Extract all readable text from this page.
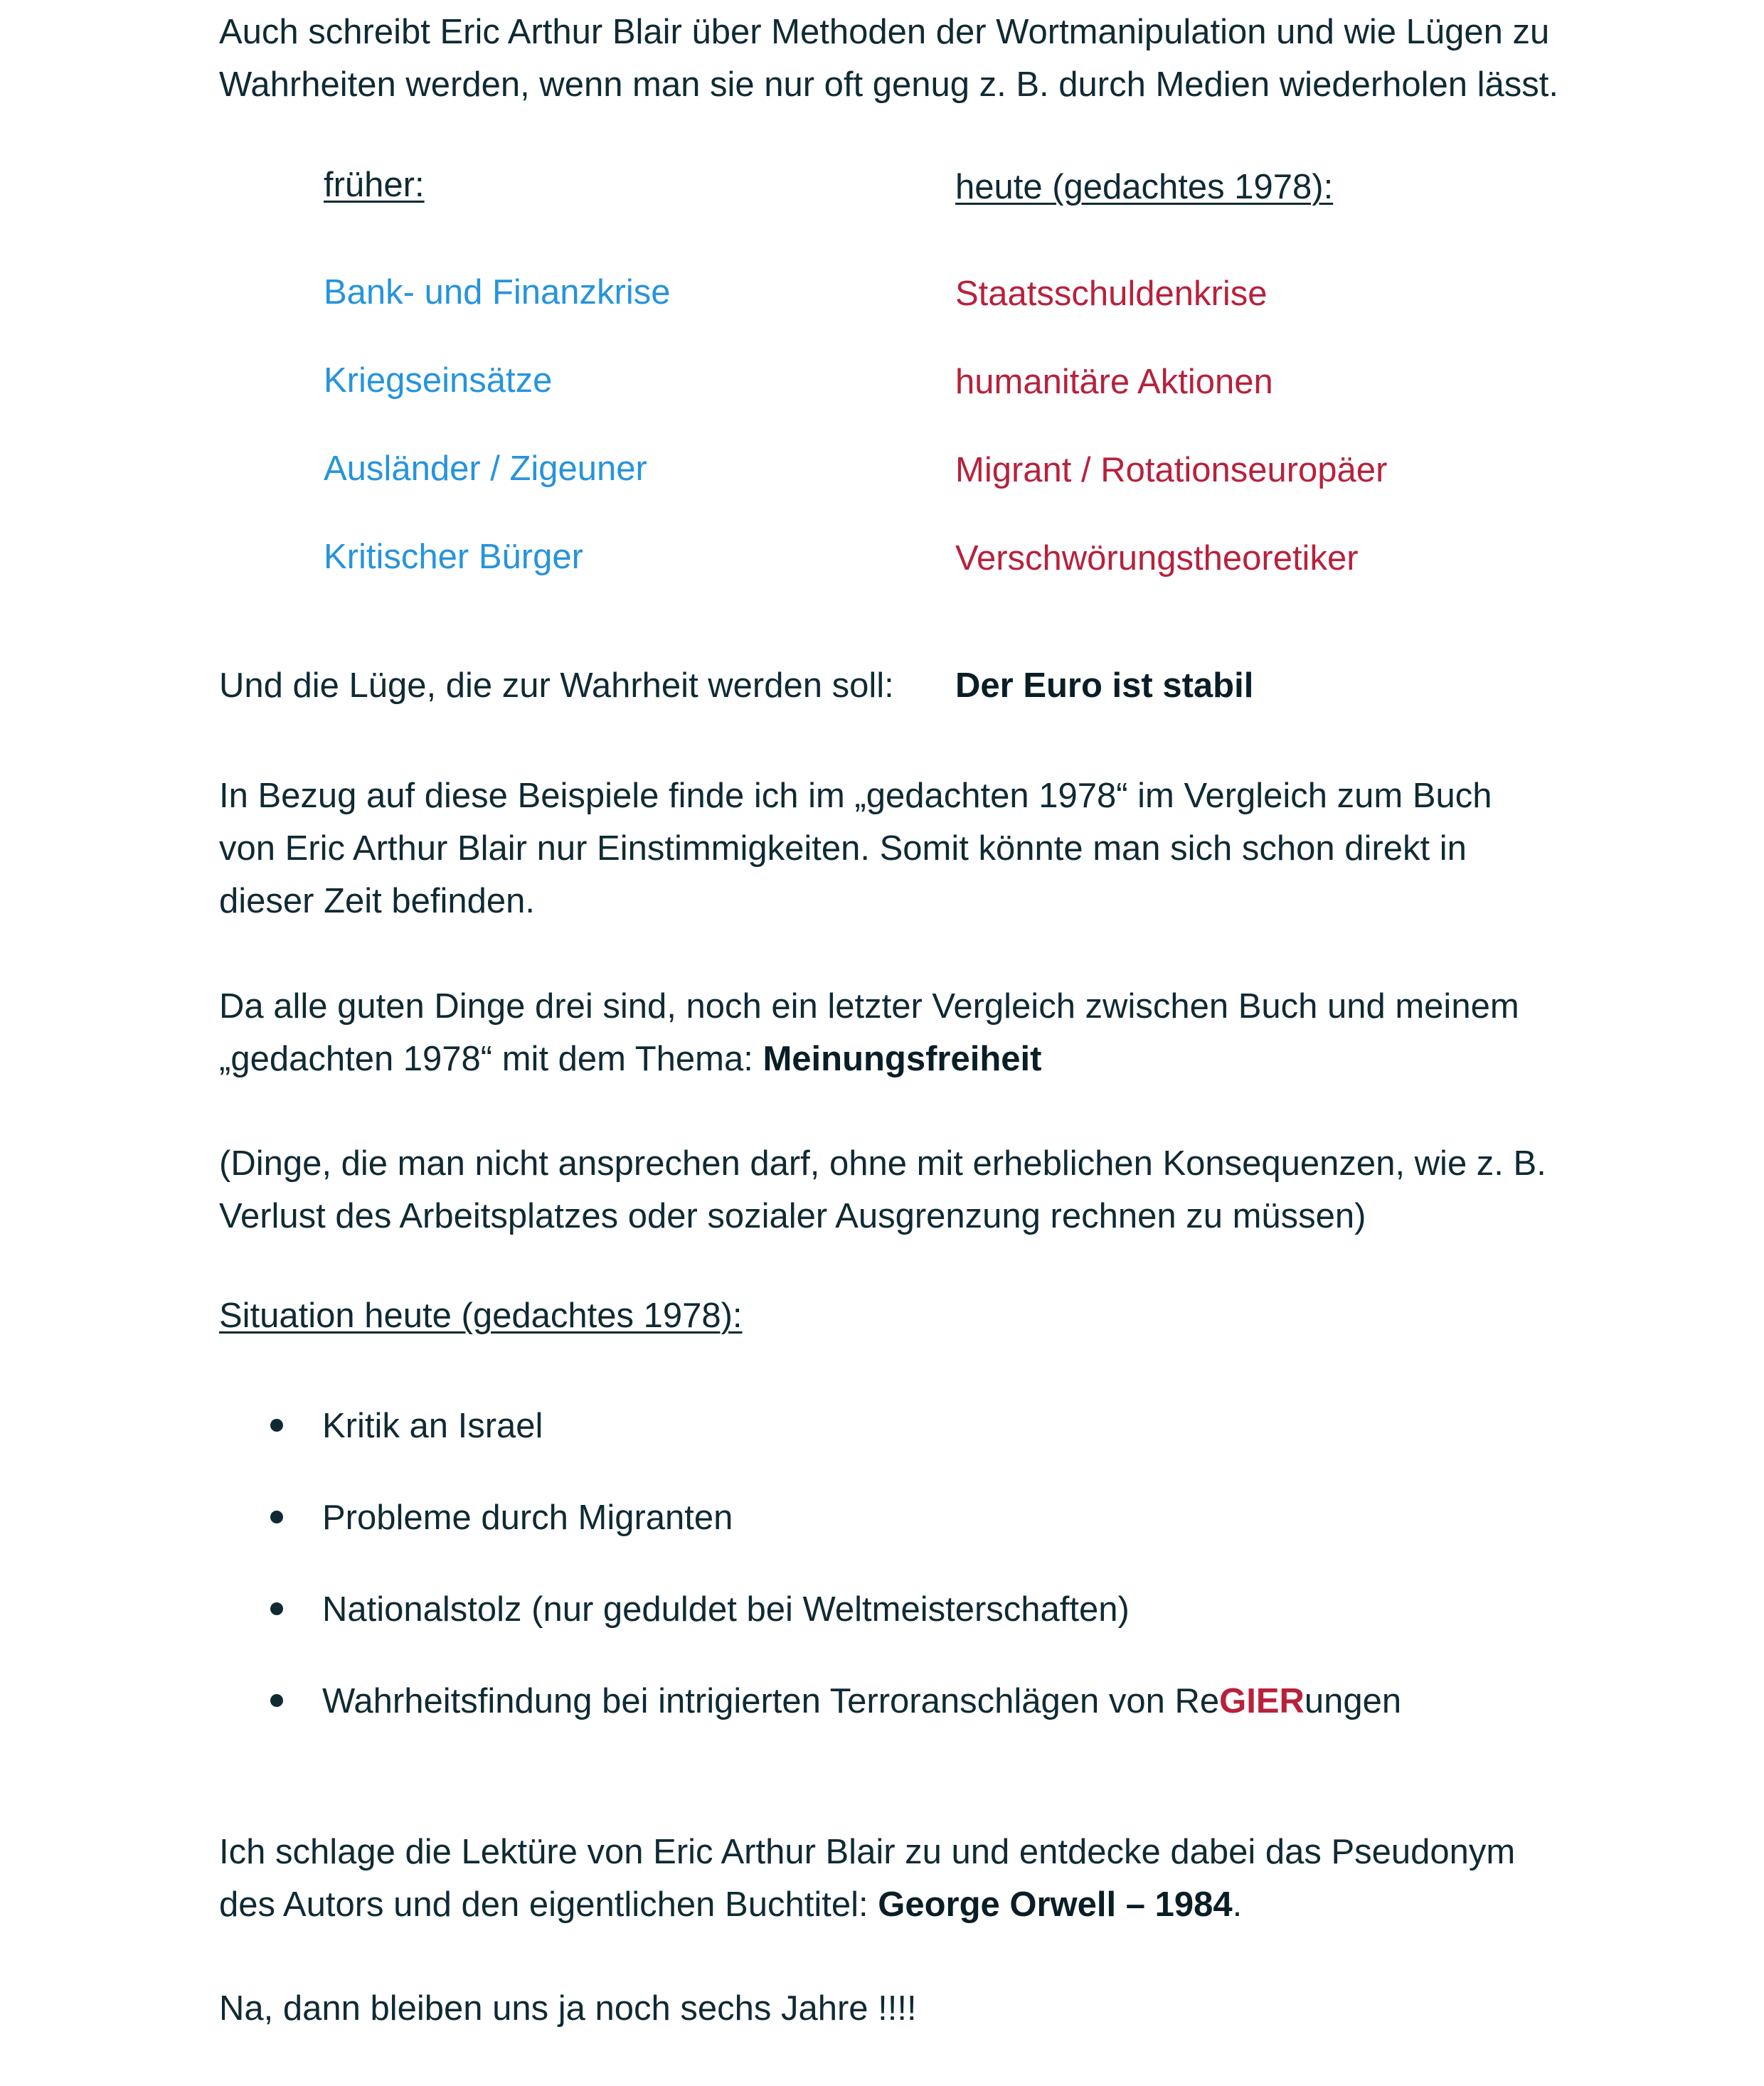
Auch schreibt Eric Arthur Blair über Methoden der Wortmanipulation und wie Lügen zu
Wahrheiten werden, wenn man sie nur oft genug z. B. durch Medien wiederholen lässt.

früher:	heute (gedachtes 1978):
Bank- und Finanzkrise
Kriegseinsätze
Ausländer / Zigeuner
Kritischer Bürger
Staatsschuldenkrise
humanitäre Aktionen
Migrant / Rotationseuropäer
Verschwörungstheoretiker
Und die Lüge, die zur Wahrheit werden soll: Der Euro ist stabil

In Bezug auf diese Beispiele finde ich im „gedachten 1978“ im Vergleich zum Buch
von Eric Arthur Blair nur Einstimmigkeiten. Somit könnte man sich schon direkt in
dieser Zeit befinden.

Da alle guten Dinge drei sind, noch ein letzter Vergleich zwischen Buch und meinem
„gedachten 1978“ mit dem Thema: Meinungsfreiheit

(Dinge, die man nicht ansprechen darf, ohne mit erheblichen Konsequenzen, wie z. B.
Verlust des Arbeitsplatzes oder sozialer Ausgrenzung rechnen zu müssen)

Situation heute (gedachtes 1978):
Kritik an Israel
Probleme durch Migranten
Nationalstolz (nur geduldet bei Weltmeisterschaften)
Wahrheitsfindung bei intrigierten Terroranschlägen von ReGIERungen

Ich schlage die Lektüre von Eric Arthur Blair zu und entdecke dabei das Pseudonym
des Autors und den eigentlichen Buchtitel: George Orwell – 1984.

Na, dann bleiben uns ja noch sechs Jahre !!!!
